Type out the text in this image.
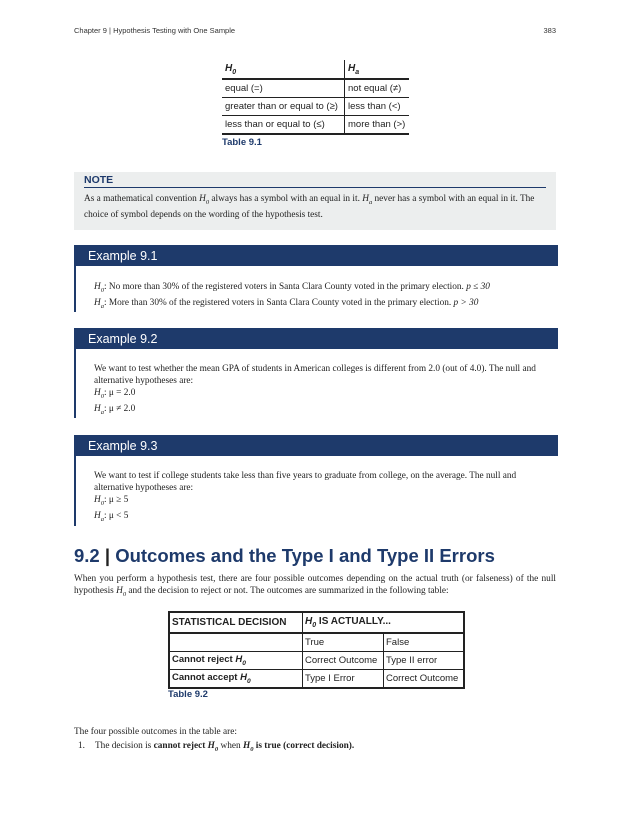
Chapter 9 | Hypothesis Testing with One Sample	383
$H_0$	$H_a$
equal (=)	not equal (≠)
greater than or equal to (≥)	less than (<)
less than or equal to (≤)	more than (>)
Table 9.1
NOTE
As a mathematical convention $H_0$ always has a symbol with an equal in it. $H_a$ never has a symbol with an equal in it. The choice of symbol depends on the wording of the hypothesis test.
Example 9.1
$H_0$: No more than 30% of the registered voters in Santa Clara County voted in the primary election. p ≤ 30
$H_a$: More than 30% of the registered voters in Santa Clara County voted in the primary election. p > 30
Example 9.2
We want to test whether the mean GPA of students in American colleges is different from 2.0 (out of 4.0). The null and alternative hypotheses are:
$H_0$: μ = 2.0
$H_a$: μ ≠ 2.0
Example 9.3
We want to test if college students take less than five years to graduate from college, on the average. The null and alternative hypotheses are:
$H_0$: μ ≥ 5
$H_a$: μ < 5
9.2 | Outcomes and the Type I and Type II Errors

When you perform a hypothesis test, there are four possible outcomes depending on the actual truth (or falseness) of the null hypothesis $H_0$ and the decision to reject or not. The outcomes are summarized in the following table:

STATISTICAL DECISION	$H_0$ IS ACTUALLY...	
	True	False
Cannot reject $H_0$	Correct Outcome	Type II error
Cannot accept $H_0$	Type I Error	Correct Outcome
Table 9.2

The four possible outcomes in the table are:

1. The decision is cannot reject $H_0$ when $H_0$ is true (correct decision).
